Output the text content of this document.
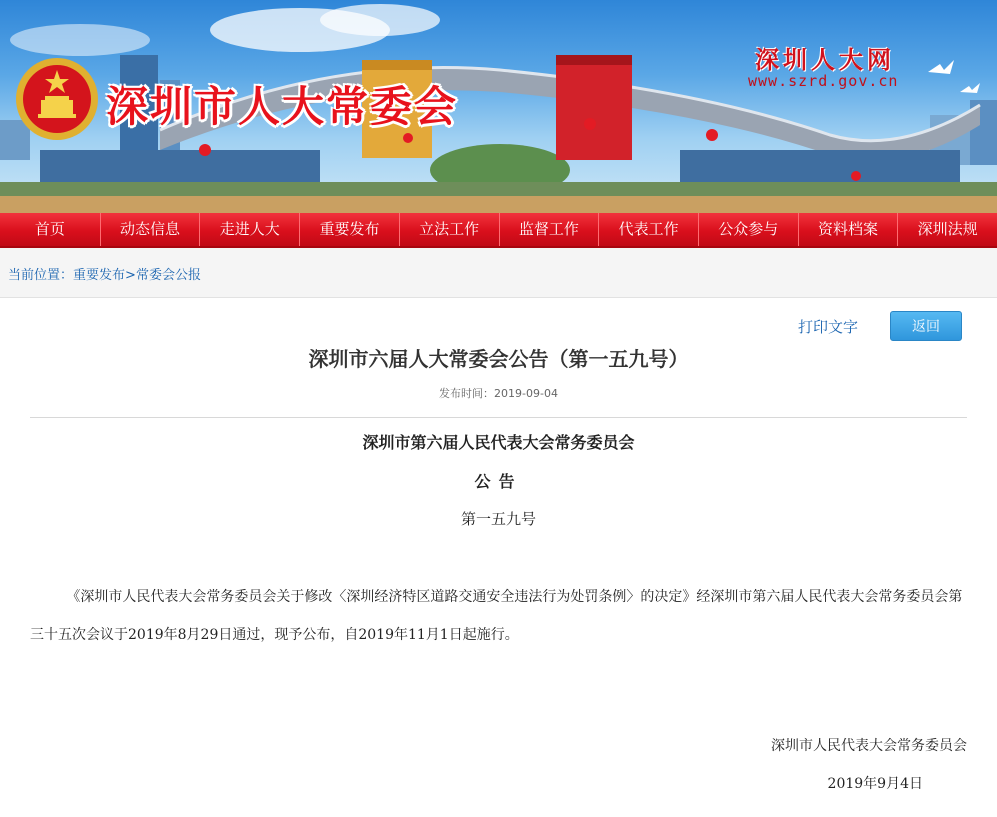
深圳市人大常委会
深圳人大网
www.szrd.gov.cn
首页	动态信息	走进人大	重要发布	立法工作	监督工作	代表工作	公众参与	资料档案	深圳法规
当前位置：重要发布>常委会公报
打印文字	返回
深圳市六届人大常委会公告（第一五九号）
发布时间：2019-09-04
深圳市第六届人民代表大会常务委员会
公告
第一五九号
《深圳市人民代表大会常务委员会关于修改〈深圳经济特区道路交通安全违法行为处罚条例〉的决定》经深圳市第六届人民代表大会常务委员会第三十五次会议于2019年8月29日通过，现予公布，自2019年11月1日起施行。
深圳市人民代表大会常务委员会
2019年9月4日
